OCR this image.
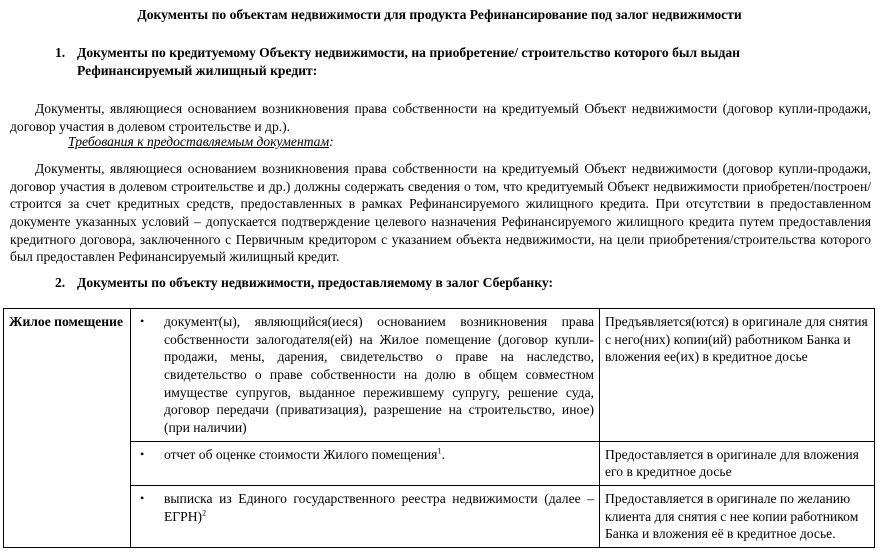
Документы по объектам недвижимости для продукта Рефинансирование под залог недвижимости
1. Документы по кредитуемому Объекту недвижимости, на приобретение/ строительство которого был выдан
Рефинансируемый жилищный кредит:
Документы, являющиеся основанием возникновения права собственности на кредитуемый Объект недвижимости (договор купли-продажи, договор участия в долевом строительстве и др.).
Требования к предоставляемым документам:
Документы, являющиеся основанием возникновения права собственности на кредитуемый Объект недвижимости (договор купли-продажи, договор участия в долевом строительстве и др.) должны содержать сведения о том, что кредитуемый Объект недвижимости приобретен/построен/строится за счет кредитных средств, предоставленных в рамках Рефинансируемого жилищного кредита. При отсутствии в предоставленном документе указанных условий – допускается подтверждение целевого назначения Рефинансируемого жилищного кредита путем предоставления кредитного договора, заключенного с Первичным кредитором с указанием объекта недвижимости, на цели приобретения/строительства которого был предоставлен Рефинансируемый жилищный кредит.
2. Документы по объекту недвижимости, предоставляемому в залог Сбербанку:
Жилое помещение	• документ(ы), являющийся(иеся) основанием возникновения права собственности залогодателя(ей) на Жилое помещение (договор купли-продажи, мены, дарения, свидетельство о праве на наследство, свидетельство о праве собственности на долю в общем совместном имуществе супругов, выданное пережившему супругу, решение суда, договор передачи (приватизация), разрешение на строительство, иное) (при наличии)	Предъявляется(ются) в оригинале для снятия с него(них) копии(ий) работником Банка и вложения ее(их) в кредитное досье

	• отчет об оценке стоимости Жилого помещения$^1$.	Предоставляется в оригинале для вложения его в кредитное досье

	• выписка из Единого государственного реестра недвижимости (далее – ЕГРН)$^2$	Предоставляется в оригинале по желанию клиента для снятия с нее копии работником Банка и вложения её в кредитное досье.
